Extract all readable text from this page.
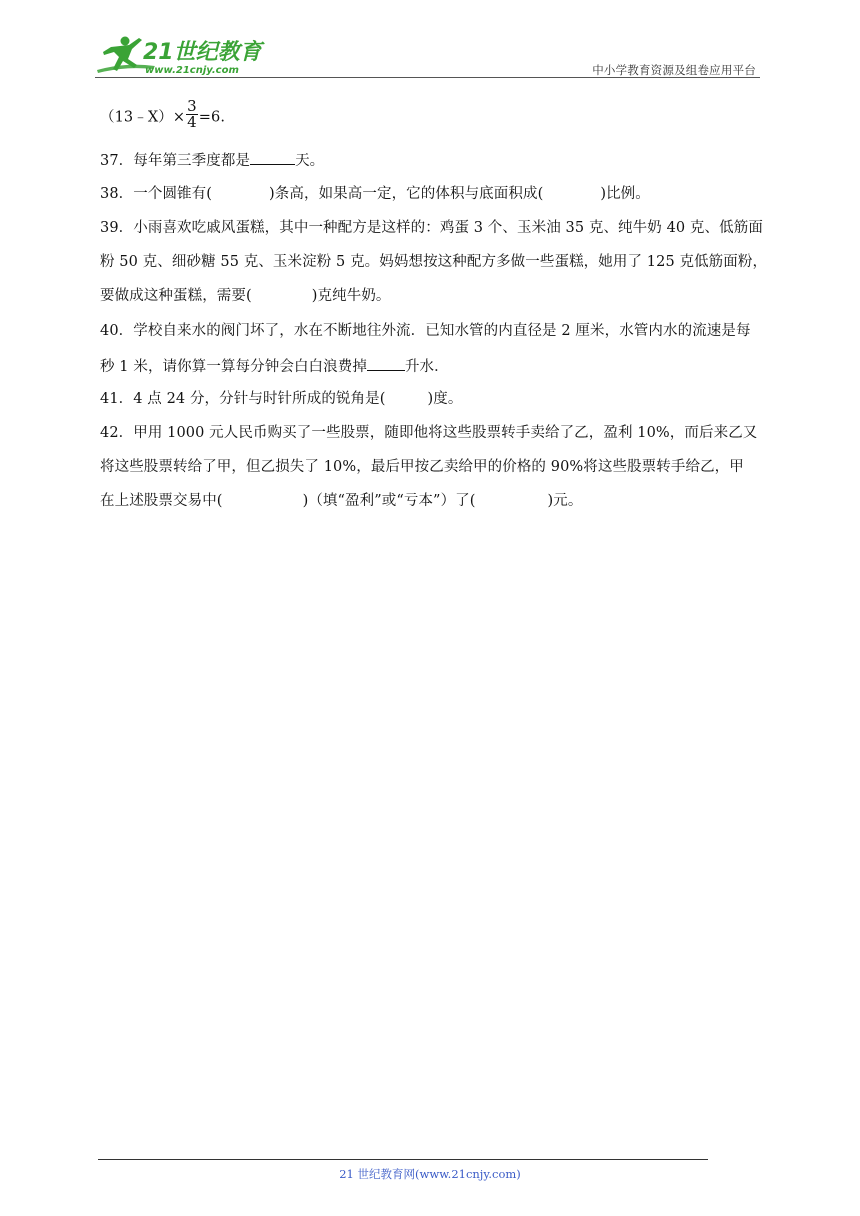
21世纪教育
www.21cnjy.com	中小学教育资源及组卷应用平台
（13﹣X）× $\frac{3}{4} =6$.
37．每年第三季度都是	天。
38．一个圆锥有(	)条高，如果高一定，它的体积与底面积成(	)比例。
39．小雨喜欢吃戚风蛋糕，其中一种配方是这样的：鸡蛋 3 个、玉米油 35 克、纯牛奶 40 克、低筋面
粉 50 克、细砂糖 55 克、玉米淀粉 5 克。妈妈想按这种配方多做一些蛋糕，她用了 125 克低筋面粉，
要做成这种蛋糕，需要(	)克纯牛奶。
40．学校自来水的阀门坏了，水在不断地往外流．已知水管的内直径是 2 厘米，水管内水的流速是每
秒 1 米，请你算一算每分钟会白白浪费掉	升水．
41．4 点 24 分，分针与时针所成的锐角是(	)度。
42．甲用 1000 元人民币购买了一些股票，随即他将这些股票转手卖给了乙，盈利 10%，而后来乙又
将这些股票转给了甲，但乙损失了 10%，最后甲按乙卖给甲的价格的 90%将这些股票转手给乙，甲
在上述股票交易中(	)（填“盈利”或“亏本”）了(	)元。
21 世纪教育网(www.21cnjy.com)
